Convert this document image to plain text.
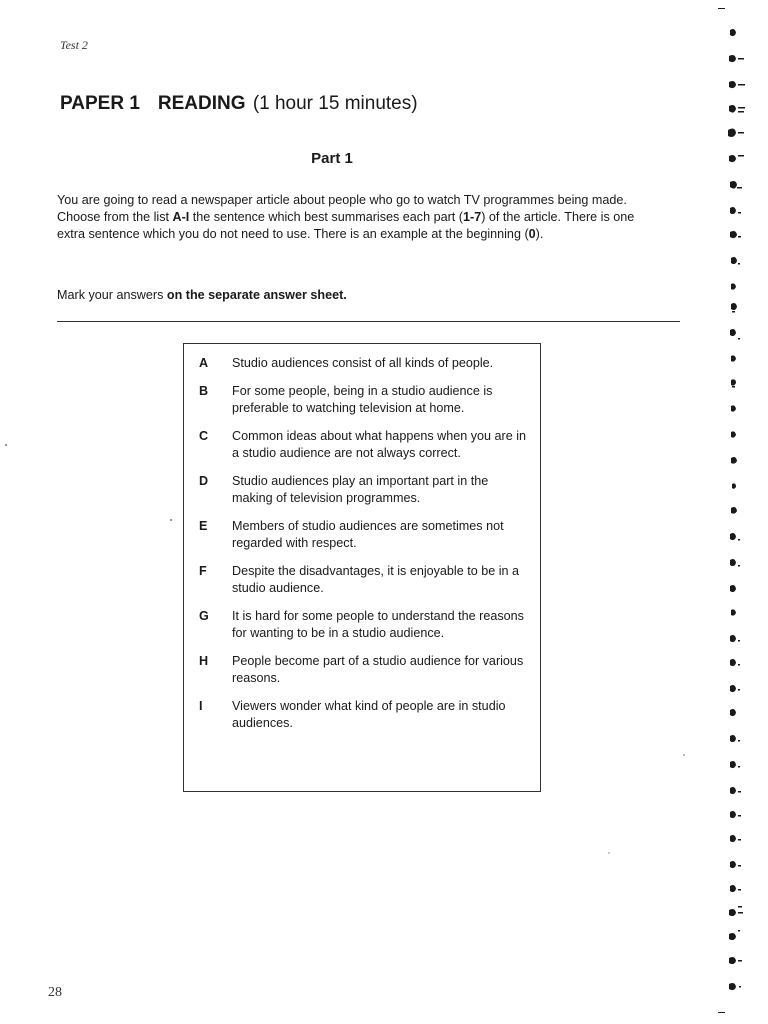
Test 2
PAPER 1 READING (1 hour 15 minutes)
Part 1
You are going to read a newspaper article about people who go to watch TV programmes being made. Choose from the list A-I the sentence which best summarises each part (1-7) of the article. There is one extra sentence which you do not need to use. There is an example at the beginning (0).
Mark your answers on the separate answer sheet.
A	Studio audiences consist of all kinds of people.
B	For some people, being in a studio audience is preferable to watching television at home.
C	Common ideas about what happens when you are in a studio audience are not always correct.
D	Studio audiences play an important part in the making of television programmes.
E	Members of studio audiences are sometimes not regarded with respect.
F	Despite the disadvantages, it is enjoyable to be in a studio audience.
G	It is hard for some people to understand the reasons for wanting to be in a studio audience.
H	People become part of a studio audience for various reasons.
I	Viewers wonder what kind of people are in studio audiences.
28
